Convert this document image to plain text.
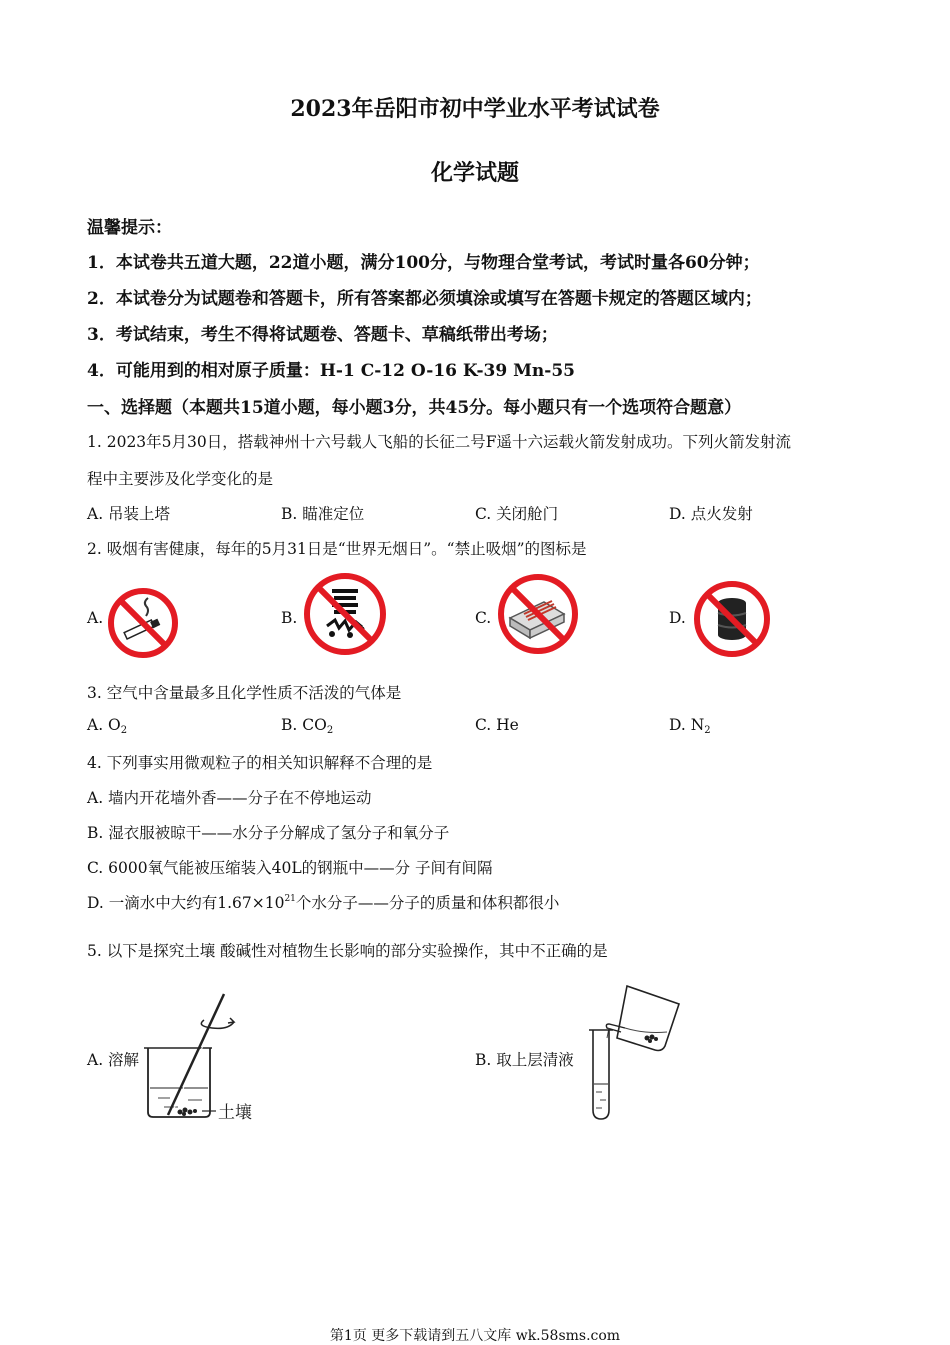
2023年岳阳市初中学业水平考试试卷
化学试题
温馨提示：
1．本试卷共五道大题，22道小题，满分100分，与物理合堂考试，考试时量各60分钟；
2．本试卷分为试题卷和答题卡，所有答案都必须填涂或填写在答题卡规定的答题区域内；
3．考试结束，考生不得将试题卷、答题卡、草稿纸带出考场；
4．可能用到的相对原子质量：H-1 C-12 O-16 K-39 Mn-55
一、选择题（本题共15道小题，每小题3分，共45分。每小题只有一个选项符合题意）
1. 2023年5月30日，搭载神州十六号载人飞船的长征二号F遥十六运载火箭发射成功。下列火箭发射流
程中主要涉及化学变化的是
A. 吊装上塔	B. 瞄准定位	C. 关闭舱门	D. 点火发射
2. 吸烟有害健康，每年的5月31日是“世界无烟日”。“禁止吸烟”的图标是
A.	B.	C.	D.
3. 空气中含量最多且化学性质不活泼的气体是
A. $O_2$	B. $CO_2$	C. He	D. $N_2$
4. 下列事实用微观粒子的相关知识解释不合理的是
A. 墙内开花墙外香——分子在不停地运动
B. 湿衣服被晾干——水分子分解成了氢分子和氧分子
C. 6000氧气能被压缩装入40L的钢瓶中——分 子间有间隔
D. 一滴水中大约有$1.67\times 10^{21}$个水分子——分子的质量和体积都很小
5. 以下是探究土壤 酸碱性对植物生长影响的部分实验操作，其中不正确的是
A. 溶解	B. 取上层清液
土壤
第1页 更多下载请到五八文库 wk.58sms.com
